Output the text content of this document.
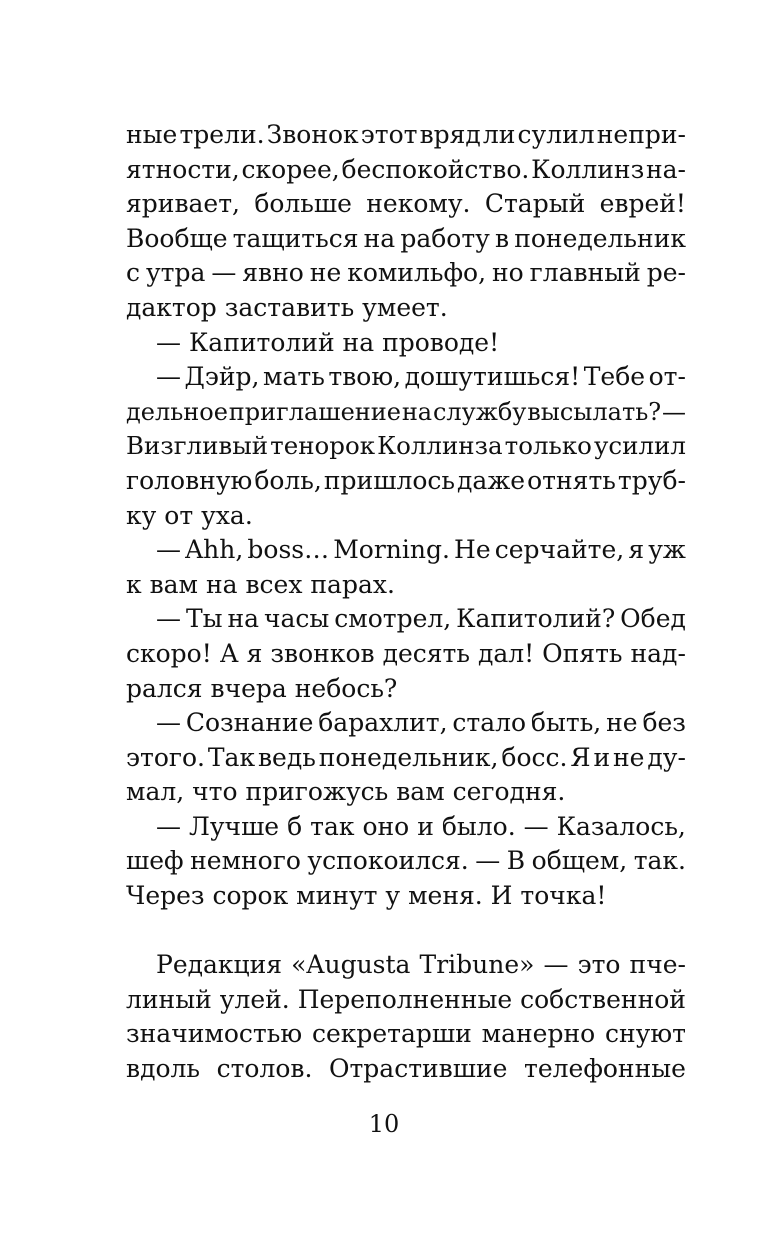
ные трели. Звонок этот вряд ли сулил непри-
ятности, скорее, беспокойство. Коллинз на-
яривает, больше некому. Старый еврей!
Вообще тащиться на работу в понедельник
с утра — явно не комильфо, но главный ре-
дактор заставить умеет.
— Капитолий на проводе!
— Дэйр, мать твою, дошутишься! Тебе от-
дельное приглашение на службу высылать? —
Визгливый тенорок Коллинза только усилил
головную боль, пришлось даже отнять труб-
ку от уха.
— Ahh, boss… Morning. Не серчайте, я уж
к вам на всех парах.
— Ты на часы смотрел, Капитолий? Обед
скоро! А я звонков десять дал! Опять над-
рался вчера небось?
— Сознание барахлит, стало быть, не без
этого. Так ведь понедельник, босс. Я и не ду-
мал, что пригожусь вам сегодня.
— Лучше б так оно и было. — Казалось,
шеф немного успокоился. — В общем, так.
Через сорок минут у меня. И точка!
Редакция «Augusta Tribune» — это пче-
линый улей. Переполненные собственной
значимостью секретарши манерно снуют
вдоль столов. Отрастившие телефонные
10
